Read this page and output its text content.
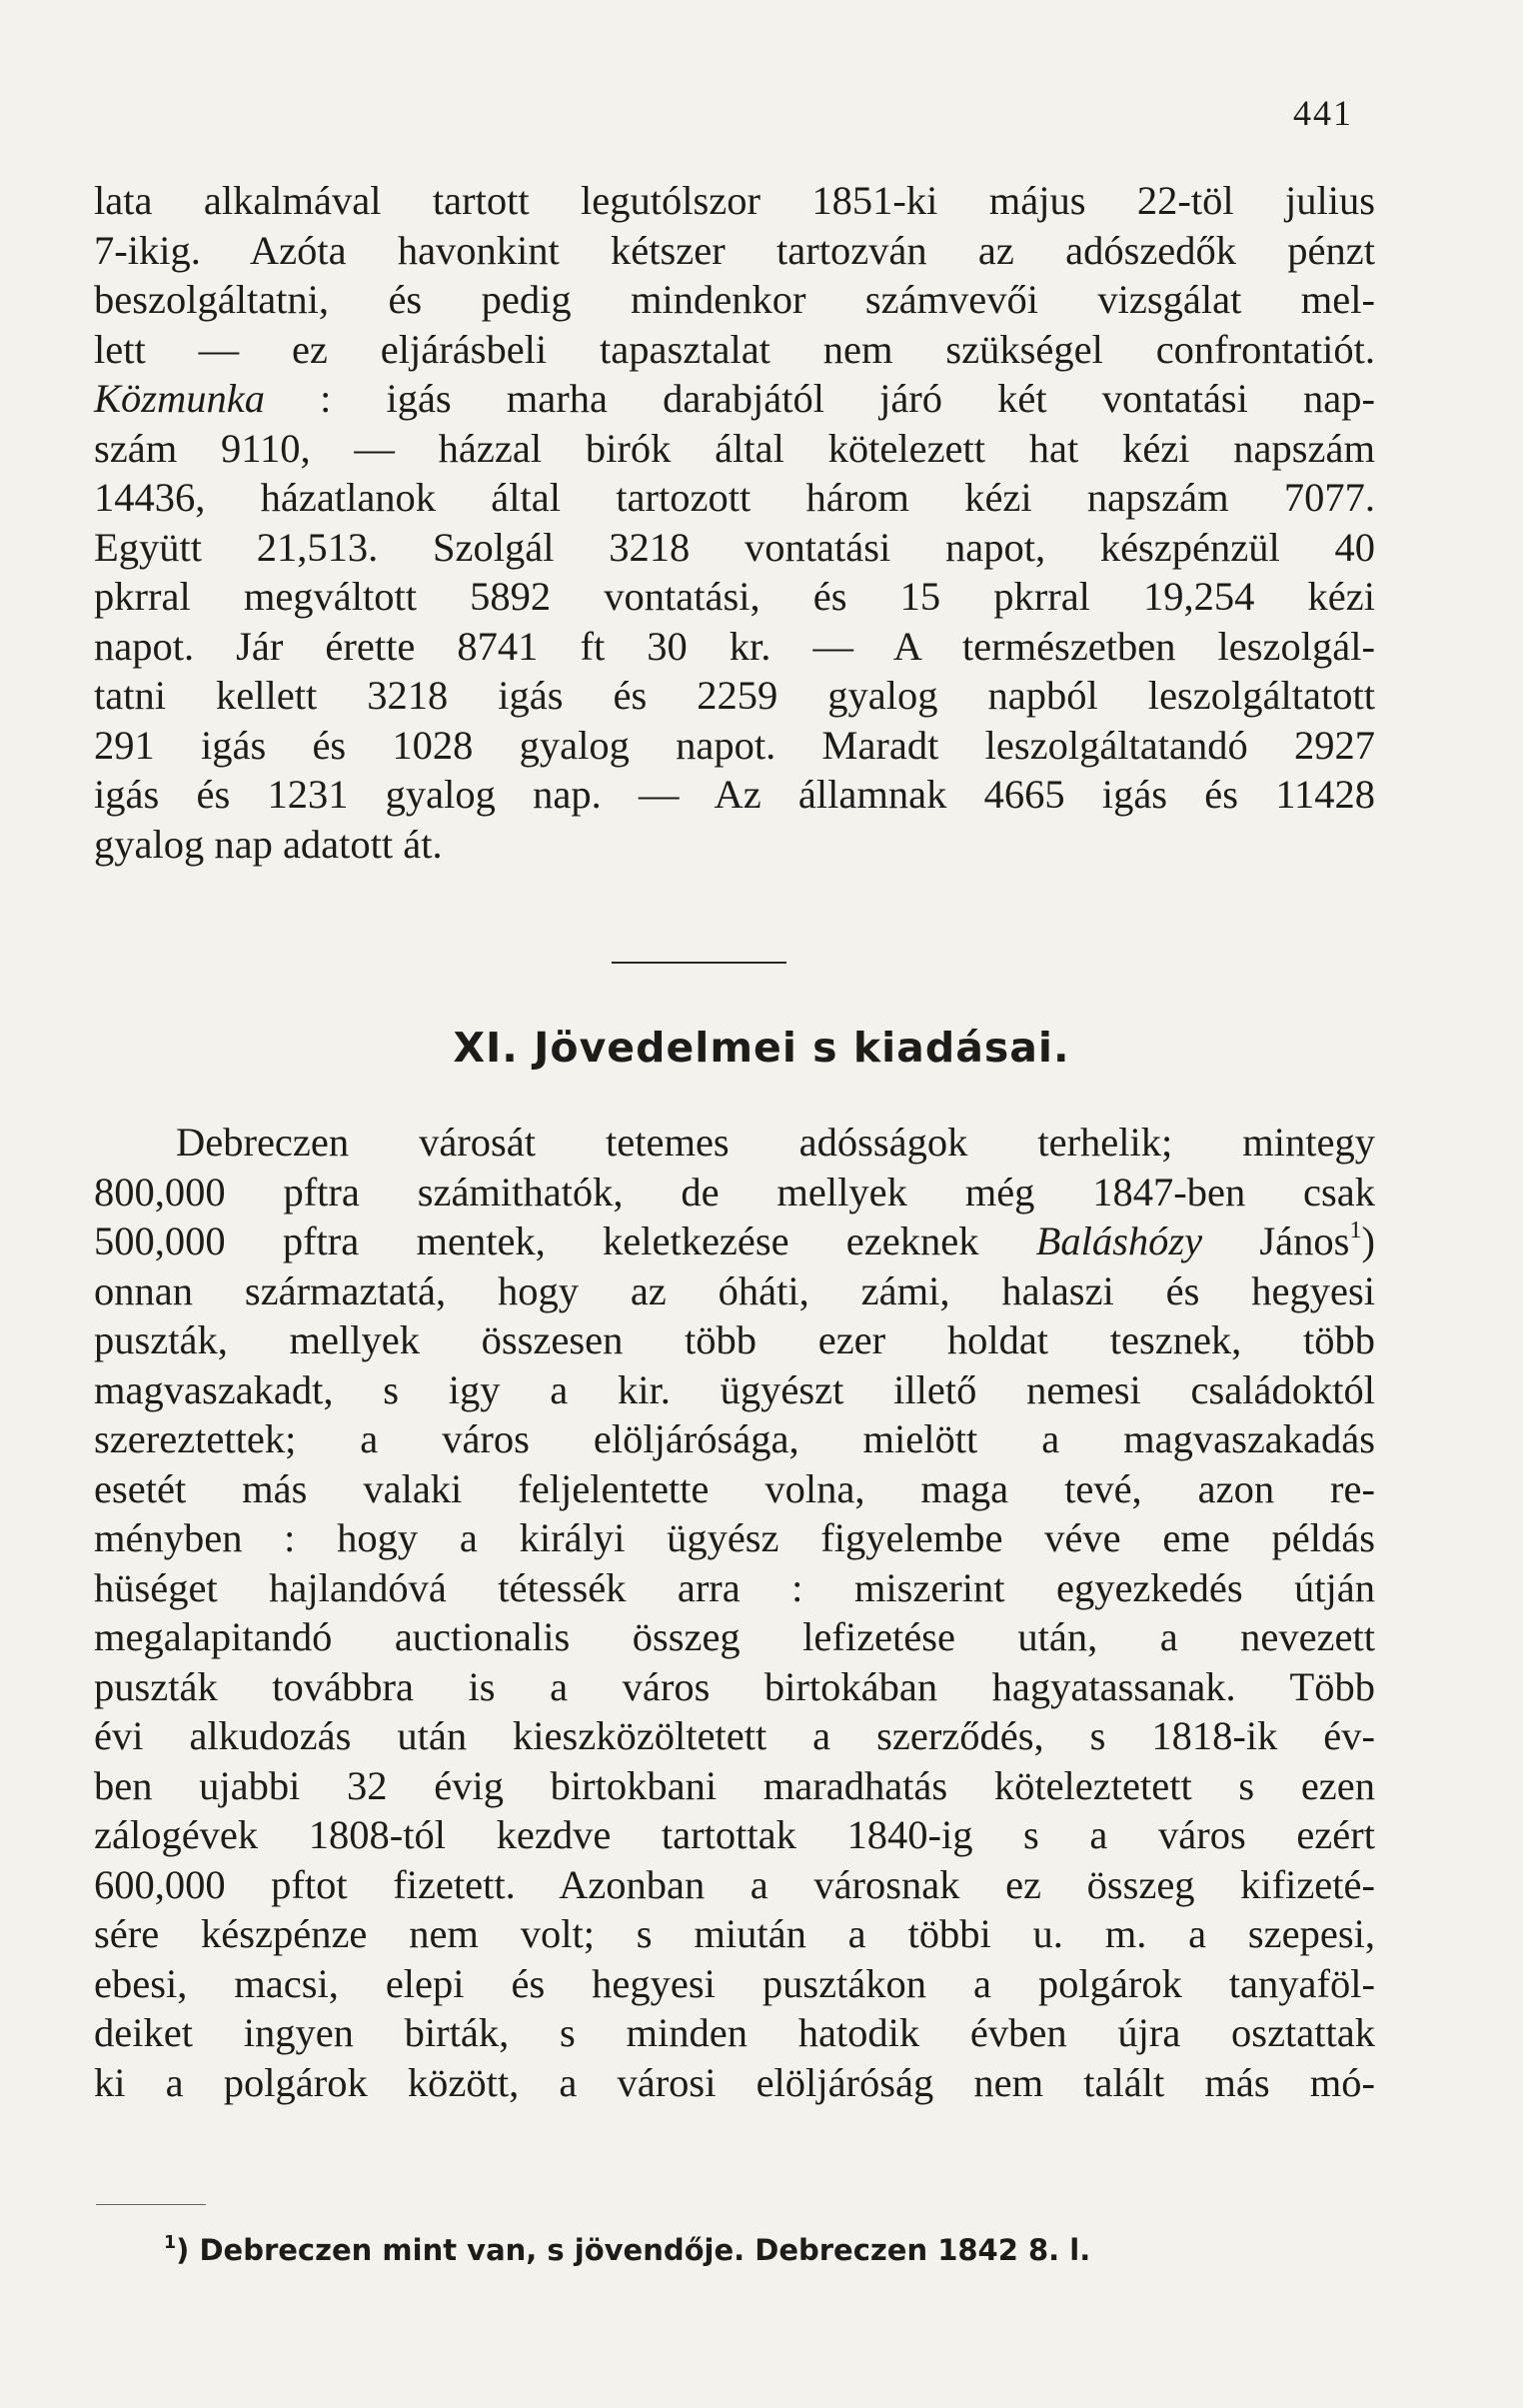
441
lata alkalmával tartott legutólszor 1851-ki május 22-töl julius
7-ikig. Azóta havonkint kétszer tartozván az adószedők pénzt
beszolgáltatni, és pedig mindenkor számvevői vizsgálat mel-
lett — ez eljárásbeli tapasztalat nem szükségel confrontatiót.
Közmunka : igás marha darabjától járó két vontatási nap-
szám 9110, — házzal birók által kötelezett hat kézi napszám
14436, házatlanok által tartozott három kézi napszám 7077.
Együtt 21,513. Szolgál 3218 vontatási napot, készpénzül 40
pkrral megváltott 5892 vontatási, és 15 pkrral 19,254 kézi
napot. Jár érette 8741 ft 30 kr. — A természetben leszolgál-
tatni kellett 3218 igás és 2259 gyalog napból leszolgáltatott
291 igás és 1028 gyalog napot. Maradt leszolgáltatandó 2927
igás és 1231 gyalog nap. — Az államnak 4665 igás és 11428
gyalog nap adatott át.
XI. Jövedelmei s kiadásai.
Debreczen városát tetemes adósságok terhelik; mintegy
800,000 pftra számithatók, de mellyek még 1847-ben csak
500,000 pftra mentek, keletkezése ezeknek Baláshózy János$^1$)
onnan származtatá, hogy az óháti, zámi, halaszi és hegyesi
puszták, mellyek összesen több ezer holdat tesznek, több
magvaszakadt, s igy a kir. ügyészt illető nemesi családoktól
szereztettek; a város elöljárósága, mielött a magvaszakadás
esetét más valaki feljelentette volna, maga tevé, azon re-
ményben : hogy a királyi ügyész figyelembe véve eme példás
hüséget hajlandóvá tétessék arra : miszerint egyezkedés útján
megalapitandó auctionalis összeg lefizetése után, a nevezett
puszták továbbra is a város birtokában hagyatassanak. Több
évi alkudozás után kieszközöltetett a szerződés, s 1818-ik év-
ben ujabbi 32 évig birtokbani maradhatás köteleztetett s ezen
zálogévek 1808-tól kezdve tartottak 1840-ig s a város ezért
600,000 pftot fizetett. Azonban a városnak ez összeg kifizeté-
sére készpénze nem volt; s miután a többi u. m. a szepesi,
ebesi, macsi, elepi és hegyesi pusztákon a polgárok tanyaföl-
deiket ingyen birták, s minden hatodik évben újra osztattak
ki a polgárok között, a városi elöljáróság nem talált más mó-
$^1$) Debreczen mint van, s jövendője. Debreczen 1842 8. l.
